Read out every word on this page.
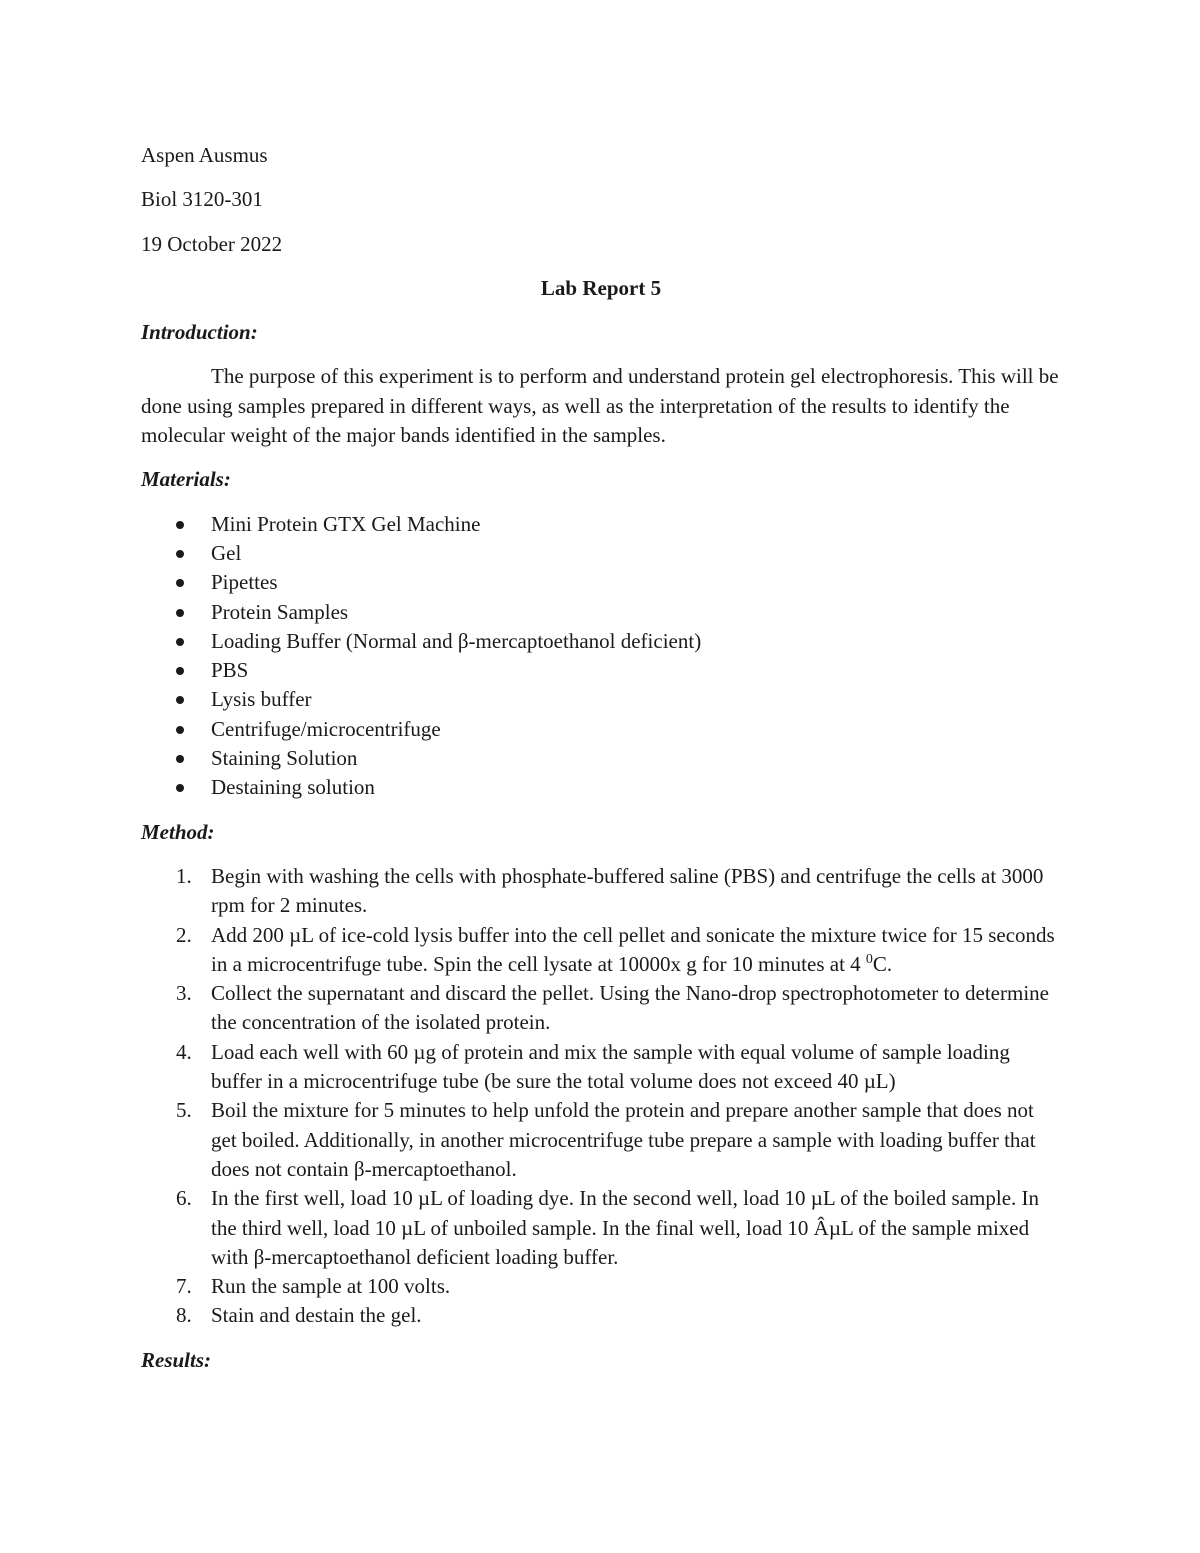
Aspen Ausmus
Biol 3120-301
19 October 2022
Lab Report 5
Introduction:
The purpose of this experiment is to perform and understand protein gel electrophoresis. This will be done using samples prepared in different ways, as well as the interpretation of the results to identify the molecular weight of the major bands identified in the samples.
Materials:
Mini Protein GTX Gel Machine
Gel
Pipettes
Protein Samples
Loading Buffer (Normal and β-mercaptoethanol deficient)
PBS
Lysis buffer
Centrifuge/microcentrifuge
Staining Solution
Destaining solution
Method:
1. Begin with washing the cells with phosphate-buffered saline (PBS) and centrifuge the cells at 3000 rpm for 2 minutes.
2. Add 200 µL of ice-cold lysis buffer into the cell pellet and sonicate the mixture twice for 15 seconds in a microcentrifuge tube. Spin the cell lysate at 10000x g for 10 minutes at 4 $^0$C.
3. Collect the supernatant and discard the pellet. Using the Nano-drop spectrophotometer to determine the concentration of the isolated protein.
4. Load each well with 60 µg of protein and mix the sample with equal volume of sample loading buffer in a microcentrifuge tube (be sure the total volume does not exceed 40 µL)
5. Boil the mixture for 5 minutes to help unfold the protein and prepare another sample that does not get boiled. Additionally, in another microcentrifuge tube prepare a sample with loading buffer that does not contain β-mercaptoethanol.
6. In the first well, load 10 µL of loading dye. In the second well, load 10 µL of the boiled sample. In the third well, load 10 µL of unboiled sample. In the final well, load 10 ÂµL of the sample mixed with β-mercaptoethanol deficient loading buffer.
7. Run the sample at 100 volts.
8. Stain and destain the gel.
Results:
